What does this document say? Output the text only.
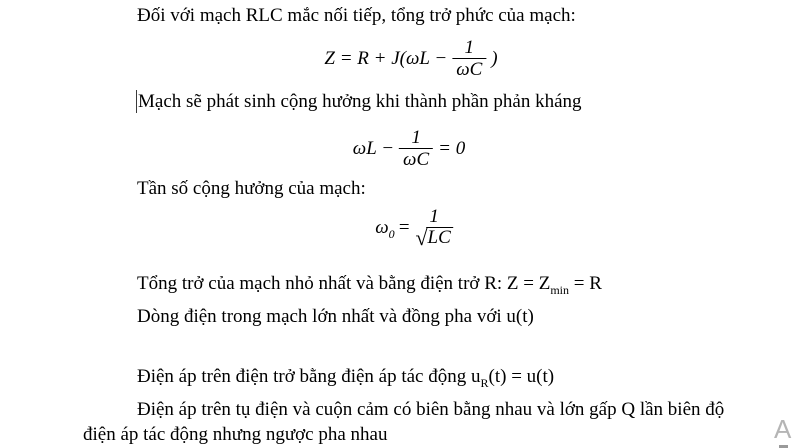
Đối với mạch RLC mắc nối tiếp, tổng trở phức của mạch:
$Z = R + J(\omega L - \frac{1}{\omega C}$ )
Mạch sẽ phát sinh cộng hưởng khi thành phần phản kháng
$\omega L - \frac{1}{\omega C} = 0$
Tần số cộng hưởng của mạch:
$\omega_0$ =
1
√ LC
Tổng trở của mạch nhỏ nhất và bằng điện trở R: $Z = Z_{min} = R$
Dòng điện trong mạch lớn nhất và đồng pha với u(t)
Điện áp trên điện trở bằng điện áp tác động $u_R(t) = u(t)$
Điện áp trên tụ điện và cuộn cảm có biên bằng nhau và lớn gấp Q lần biên độ
điện áp tác động nhưng ngược pha nhau	A
